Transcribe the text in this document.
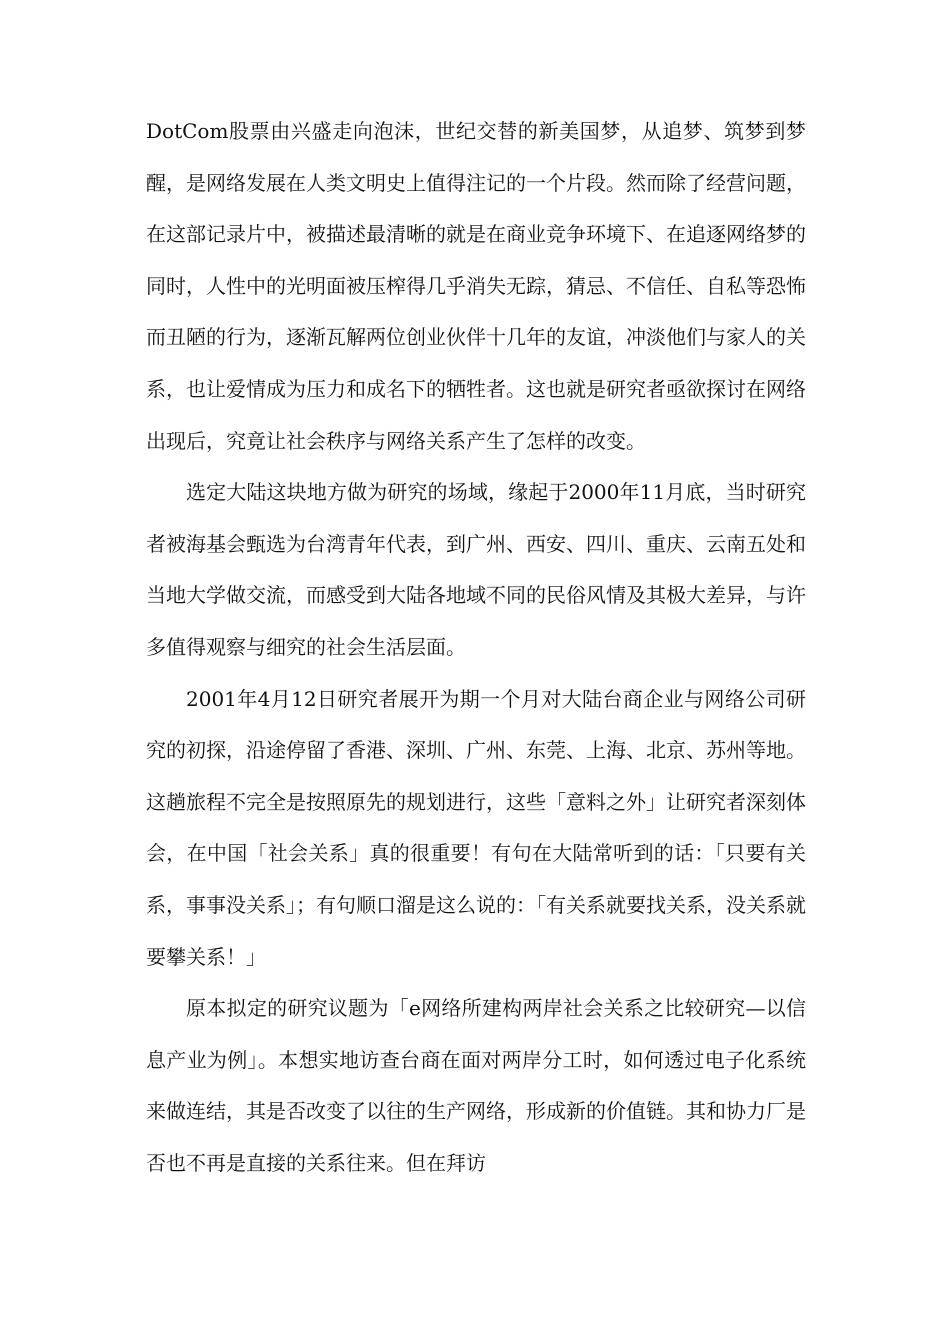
DotCom股票由兴盛走向泡沫，世纪交替的新美国梦，从追梦、筑梦到梦醒，是网络发展在人类文明史上值得注记的一个片段。然而除了经营问题，在这部记录片中，被描述最清晰的就是在商业竞争环境下、在追逐网络梦的同时，人性中的光明面被压榨得几乎消失无踪，猜忌、不信任、自私等恐怖而丑陋的行为，逐渐瓦解两位创业伙伴十几年的友谊，冲淡他们与家人的关系，也让爱情成为压力和成名下的牺牲者。这也就是研究者亟欲探讨在网络出现后，究竟让社会秩序与网络关系产生了怎样的改变。

选定大陆这块地方做为研究的场域，缘起于2000年11月底，当时研究者被海基会甄选为台湾青年代表，到广州、西安、四川、重庆、云南五处和当地大学做交流，而感受到大陆各地域不同的民俗风情及其极大差异，与许多值得观察与细究的社会生活层面。

2001年4月12日研究者展开为期一个月对大陆台商企业与网络公司研究的初探，沿途停留了香港、深圳、广州、东莞、上海、北京、苏州等地。这趟旅程不完全是按照原先的规划进行，这些「意料之外」让研究者深刻体会，在中国「社会关系」真的很重要！有句在大陆常听到的话：「只要有关系，事事没关系」；有句顺口溜是这么说的：「有关系就要找关系，没关系就要攀关系！」

原本拟定的研究议题为「e网络所建构两岸社会关系之比较研究—以信息产业为例」。本想实地访查台商在面对两岸分工时，如何透过电子化系统来做连结，其是否改变了以往的生产网络，形成新的价值链。其和协力厂是否也不再是直接的关系往来。但在拜访
